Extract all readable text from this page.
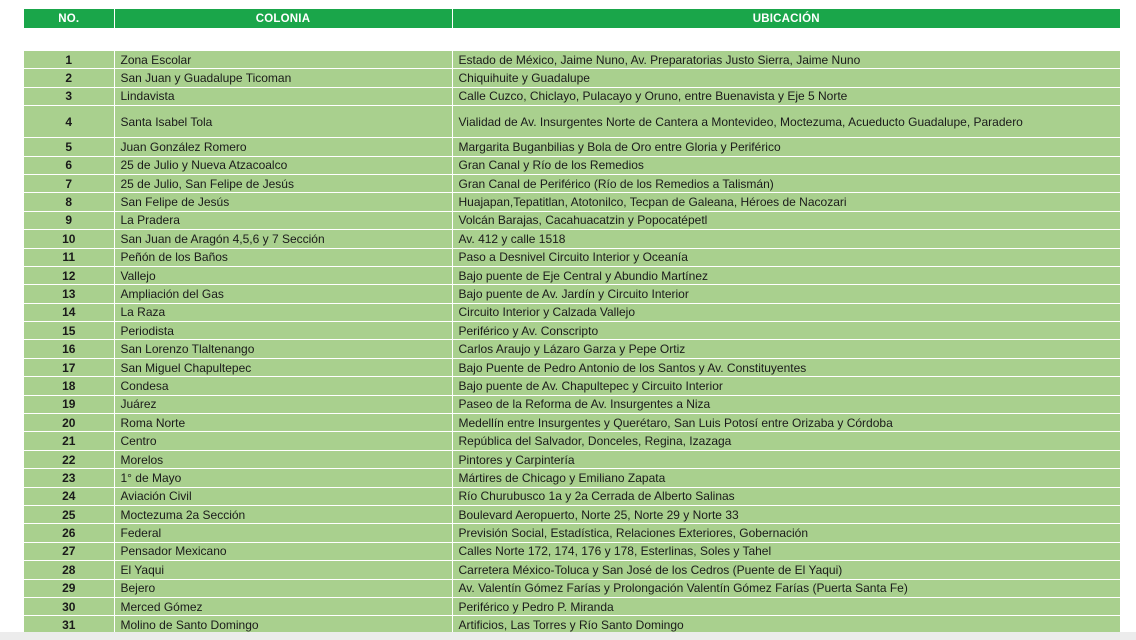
NO.	COLONIA	UBICACIÓN
1	Zona Escolar	Estado de México, Jaime Nuno, Av. Preparatorias Justo Sierra, Jaime Nuno
2	San Juan y Guadalupe Ticoman	Chiquihuite y Guadalupe
3	Lindavista	Calle Cuzco, Chiclayo, Pulacayo y Oruno, entre Buenavista y Eje 5 Norte
4	Santa Isabel Tola	Vialidad de Av. Insurgentes Norte de Cantera a Montevideo, Moctezuma, Acueducto Guadalupe, Paradero
5	Juan González Romero	Margarita Buganbilias y Bola de Oro entre Gloria y Periférico
6	25 de Julio y Nueva Atzacoalco	Gran Canal y Río de los Remedios
7	25 de Julio, San Felipe de Jesús	Gran Canal de Periférico (Río de los Remedios a Talismán)
8	San Felipe de Jesús	Huajapan,Tepatitlan, Atotonilco, Tecpan de Galeana, Héroes de Nacozari
9	La Pradera	Volcán Barajas, Cacahuacatzin y Popocatépetl
10	San Juan de Aragón 4,5,6 y 7 Sección	Av. 412 y calle 1518
11	Peñón de los Baños	Paso a Desnivel Circuito Interior y Oceanía
12	Vallejo	Bajo puente de Eje Central y Abundio Martínez
13	Ampliación del Gas	Bajo puente de Av. Jardín y Circuito Interior
14	La Raza	Circuito Interior y Calzada Vallejo
15	Periodista	Periférico y Av. Conscripto
16	San Lorenzo Tlaltenango	Carlos Araujo y Lázaro Garza y Pepe Ortiz
17	San Miguel Chapultepec	Bajo Puente de Pedro Antonio de los Santos y Av. Constituyentes
18	Condesa	Bajo puente de Av. Chapultepec y Circuito Interior
19	Juárez	Paseo de la Reforma de Av. Insurgentes a Niza
20	Roma Norte	Medellín entre Insurgentes y Querétaro, San Luis Potosí entre Orizaba y Córdoba
21	Centro	República del Salvador, Donceles, Regina, Izazaga
22	Morelos	Pintores y Carpintería
23	1° de Mayo	Mártires de Chicago y Emiliano Zapata
24	Aviación Civil	Río Churubusco 1a y 2a Cerrada de Alberto Salinas
25	Moctezuma 2a Sección	Boulevard Aeropuerto, Norte 25, Norte 29 y Norte 33
26	Federal	Previsión Social, Estadística, Relaciones Exteriores, Gobernación
27	Pensador Mexicano	Calles Norte 172, 174, 176 y 178, Esterlinas, Soles y Tahel
28	El Yaqui	Carretera México-Toluca y San José de los Cedros (Puente de El Yaqui)
29	Bejero	Av. Valentín Gómez Farías y Prolongación Valentín Gómez Farías (Puerta Santa Fe)
30	Merced Gómez	Periférico y Pedro P. Miranda
31	Molino de Santo Domingo	Artificios, Las Torres y Río Santo Domingo
